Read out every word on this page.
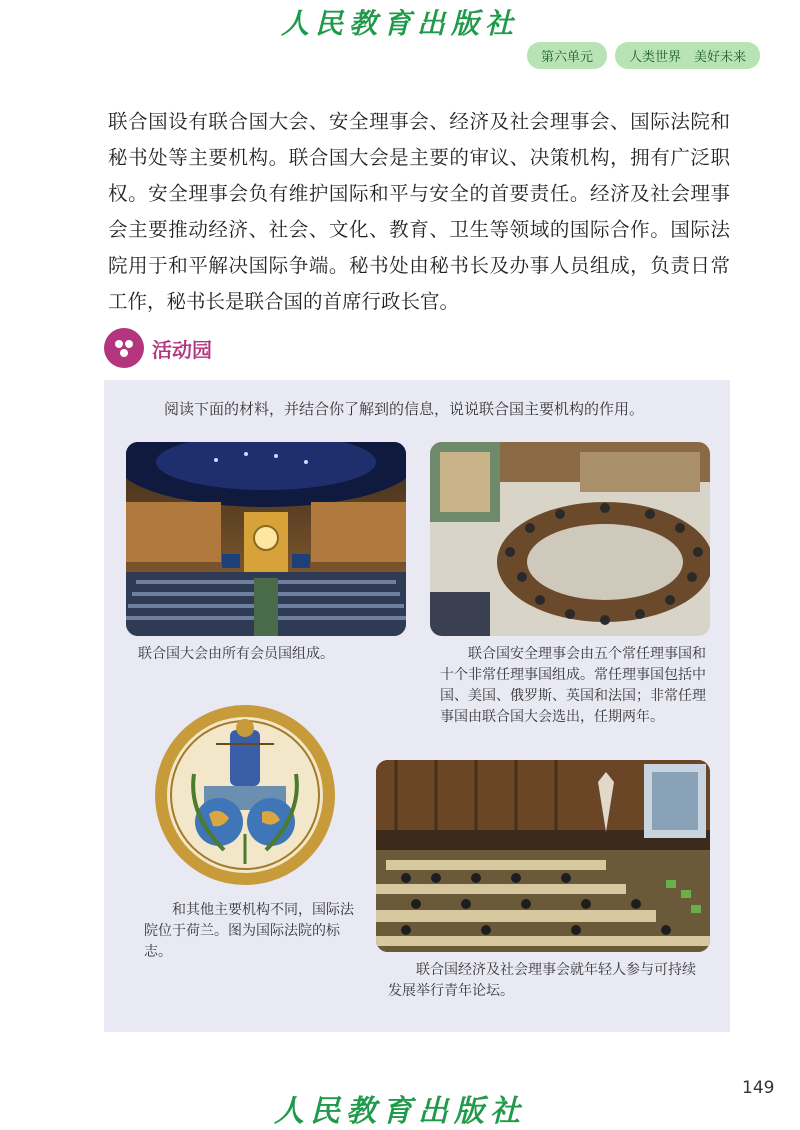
人民教育出版社
第六单元	人类世界　美好未来

联合国设有联合国大会、安全理事会、经济及社会理事会、国际法院和秘书处等主要机构。联合国大会是主要的审议、决策机构，拥有广泛职权。安全理事会负有维护国际和平与安全的首要责任。经济及社会理事会主要推动经济、社会、文化、教育、卫生等领域的国际合作。国际法院用于和平解决国际争端。秘书处由秘书长及办事人员组成，负责日常工作，秘书长是联合国的首席行政长官。

活动园
阅读下面的材料，并结合你了解到的信息，说说联合国主要机构的作用。
联合国大会由所有会员国组成。	联合国安全理事会由五个常任理事国和十个非常任理事国组成。常任理事国包括中国、美国、俄罗斯、英国和法国；非常任理事国由联合国大会选出，任期两年。
和其他主要机构不同，国际法院位于荷兰。图为国际法院的标志。
联合国经济及社会理事会就年轻人参与可持续发展举行青年论坛。
149
人民教育出版社
